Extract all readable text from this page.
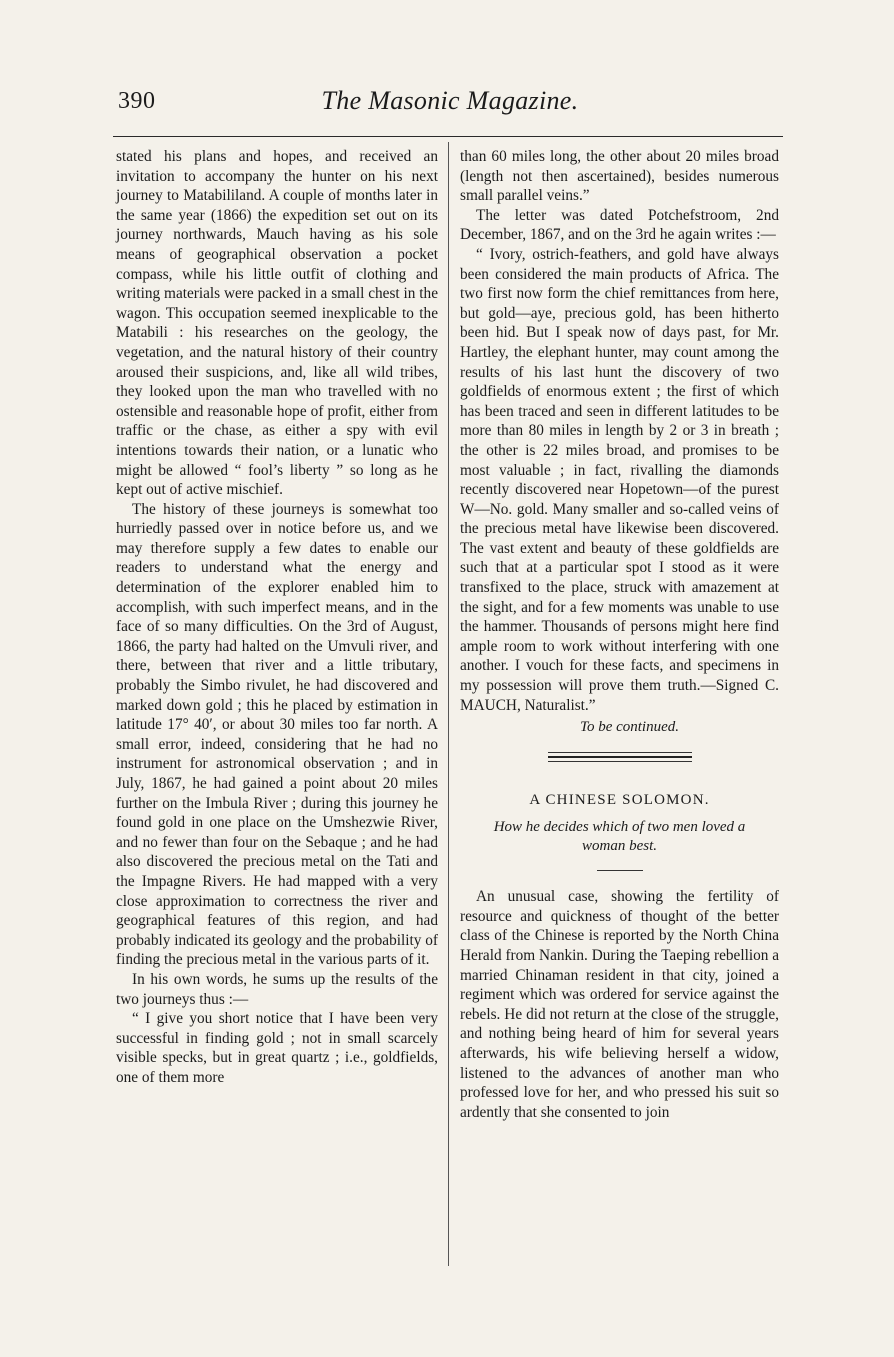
390	The Masonic Magazine.

stated his plans and hopes, and received an invitation to accompany the hunter on his next journey to Matabililand. A couple of months later in the same year (1866) the expedition set out on its journey northwards, Mauch having as his sole means of geographical observation a pocket compass, while his little outfit of clothing and writing materials were packed in a small chest in the wagon. This occupation seemed inexplicable to the Matabili : his researches on the geology, the vegetation, and the natural history of their country aroused their suspicions, and, like all wild tribes, they looked upon the man who travelled with no ostensible and reasonable hope of profit, either from traffic or the chase, as either a spy with evil intentions towards their nation, or a lunatic who might be allowed “ fool’s liberty ” so long as he kept out of active mischief.

The history of these journeys is somewhat too hurriedly passed over in notice before us, and we may therefore supply a few dates to enable our readers to understand what the energy and determination of the explorer enabled him to accomplish, with such imperfect means, and in the face of so many difficulties. On the 3rd of August, 1866, the party had halted on the Umvuli river, and there, between that river and a little tributary, probably the Simbo rivulet, he had discovered and marked down gold ; this he placed by estimation in latitude 17° 40′, or about 30 miles too far north. A small error, indeed, considering that he had no instrument for astronomical observation ; and in July, 1867, he had gained a point about 20 miles further on the Imbula River ; during this journey he found gold in one place on the Umshezwie River, and no fewer than four on the Sebaque ; and he had also discovered the precious metal on the Tati and the Impagne Rivers. He had mapped with a very close approximation to correctness the river and geographical features of this region, and had probably indicated its geology and the probability of finding the precious metal in the various parts of it.

In his own words, he sums up the results of the two journeys thus :—

“ I give you short notice that I have been very successful in finding gold ; not in small scarcely visible specks, but in great quartz ; i.e., goldfields, one of them more

than 60 miles long, the other about 20 miles broad (length not then ascertained), besides numerous small parallel veins.”

The letter was dated Potchefstroom, 2nd December, 1867, and on the 3rd he again writes :—

“ Ivory, ostrich-feathers, and gold have always been considered the main products of Africa. The two first now form the chief remittances from here, but gold—aye, precious gold, has been hitherto been hid. But I speak now of days past, for Mr. Hartley, the elephant hunter, may count among the results of his last hunt the discovery of two goldfields of enormous extent ; the first of which has been traced and seen in different latitudes to be more than 80 miles in length by 2 or 3 in breath ; the other is 22 miles broad, and promises to be most valuable ; in fact, rivalling the diamonds recently discovered near Hopetown—of the purest W—No. gold. Many smaller and so-called veins of the precious metal have likewise been discovered. The vast extent and beauty of these goldfields are such that at a particular spot I stood as it were transfixed to the place, struck with amazement at the sight, and for a few moments was unable to use the hammer. Thousands of persons might here find ample room to work without interfering with one another. I vouch for these facts, and specimens in my possession will prove them truth.—Signed C. MAUCH, Naturalist.”

To be continued.
A CHINESE SOLOMON.
How he decides which of two men loved a woman best.

An unusual case, showing the fertility of resource and quickness of thought of the better class of the Chinese is reported by the North China Herald from Nankin. During the Taeping rebellion a married Chinaman resident in that city, joined a regiment which was ordered for service against the rebels. He did not return at the close of the struggle, and nothing being heard of him for several years afterwards, his wife believing herself a widow, listened to the advances of another man who professed love for her, and who pressed his suit so ardently that she consented to join
